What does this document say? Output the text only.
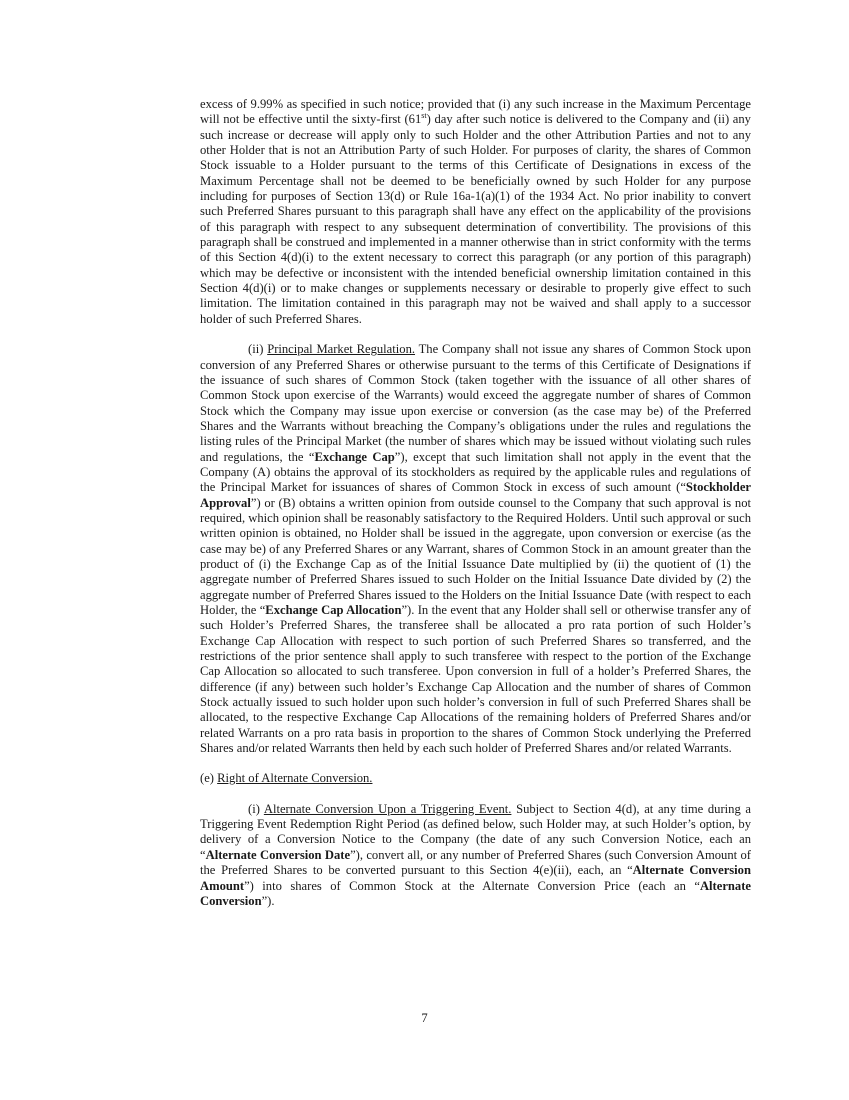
excess of 9.99% as specified in such notice; provided that (i) any such increase in the Maximum Percentage will not be effective until the sixty-first (61st) day after such notice is delivered to the Company and (ii) any such increase or decrease will apply only to such Holder and the other Attribution Parties and not to any other Holder that is not an Attribution Party of such Holder. For purposes of clarity, the shares of Common Stock issuable to a Holder pursuant to the terms of this Certificate of Designations in excess of the Maximum Percentage shall not be deemed to be beneficially owned by such Holder for any purpose including for purposes of Section 13(d) or Rule 16a-1(a)(1) of the 1934 Act. No prior inability to convert such Preferred Shares pursuant to this paragraph shall have any effect on the applicability of the provisions of this paragraph with respect to any subsequent determination of convertibility. The provisions of this paragraph shall be construed and implemented in a manner otherwise than in strict conformity with the terms of this Section 4(d)(i) to the extent necessary to correct this paragraph (or any portion of this paragraph) which may be defective or inconsistent with the intended beneficial ownership limitation contained in this Section 4(d)(i) or to make changes or supplements necessary or desirable to properly give effect to such limitation. The limitation contained in this paragraph may not be waived and shall apply to a successor holder of such Preferred Shares.

(ii) Principal Market Regulation. The Company shall not issue any shares of Common Stock upon conversion of any Preferred Shares or otherwise pursuant to the terms of this Certificate of Designations if the issuance of such shares of Common Stock (taken together with the issuance of all other shares of Common Stock upon exercise of the Warrants) would exceed the aggregate number of shares of Common Stock which the Company may issue upon exercise or conversion (as the case may be) of the Preferred Shares and the Warrants without breaching the Company’s obligations under the rules and regulations the listing rules of the Principal Market (the number of shares which may be issued without violating such rules and regulations, the “Exchange Cap”), except that such limitation shall not apply in the event that the Company (A) obtains the approval of its stockholders as required by the applicable rules and regulations of the Principal Market for issuances of shares of Common Stock in excess of such amount (“Stockholder Approval”) or (B) obtains a written opinion from outside counsel to the Company that such approval is not required, which opinion shall be reasonably satisfactory to the Required Holders. Until such approval or such written opinion is obtained, no Holder shall be issued in the aggregate, upon conversion or exercise (as the case may be) of any Preferred Shares or any Warrant, shares of Common Stock in an amount greater than the product of (i) the Exchange Cap as of the Initial Issuance Date multiplied by (ii) the quotient of (1) the aggregate number of Preferred Shares issued to such Holder on the Initial Issuance Date divided by (2) the aggregate number of Preferred Shares issued to the Holders on the Initial Issuance Date (with respect to each Holder, the “Exchange Cap Allocation”). In the event that any Holder shall sell or otherwise transfer any of such Holder’s Preferred Shares, the transferee shall be allocated a pro rata portion of such Holder’s Exchange Cap Allocation with respect to such portion of such Preferred Shares so transferred, and the restrictions of the prior sentence shall apply to such transferee with respect to the portion of the Exchange Cap Allocation so allocated to such transferee. Upon conversion in full of a holder’s Preferred Shares, the difference (if any) between such holder’s Exchange Cap Allocation and the number of shares of Common Stock actually issued to such holder upon such holder’s conversion in full of such Preferred Shares shall be allocated, to the respective Exchange Cap Allocations of the remaining holders of Preferred Shares and/or related Warrants on a pro rata basis in proportion to the shares of Common Stock underlying the Preferred Shares and/or related Warrants then held by each such holder of Preferred Shares and/or related Warrants.

(e) Right of Alternate Conversion.

(i) Alternate Conversion Upon a Triggering Event. Subject to Section 4(d), at any time during a Triggering Event Redemption Right Period (as defined below, such Holder may, at such Holder’s option, by delivery of a Conversion Notice to the Company (the date of any such Conversion Notice, each an “Alternate Conversion Date”), convert all, or any number of Preferred Shares (such Conversion Amount of the Preferred Shares to be converted pursuant to this Section 4(e)(ii), each, an “Alternate Conversion Amount”) into shares of Common Stock at the Alternate Conversion Price (each an “Alternate Conversion”).

7
